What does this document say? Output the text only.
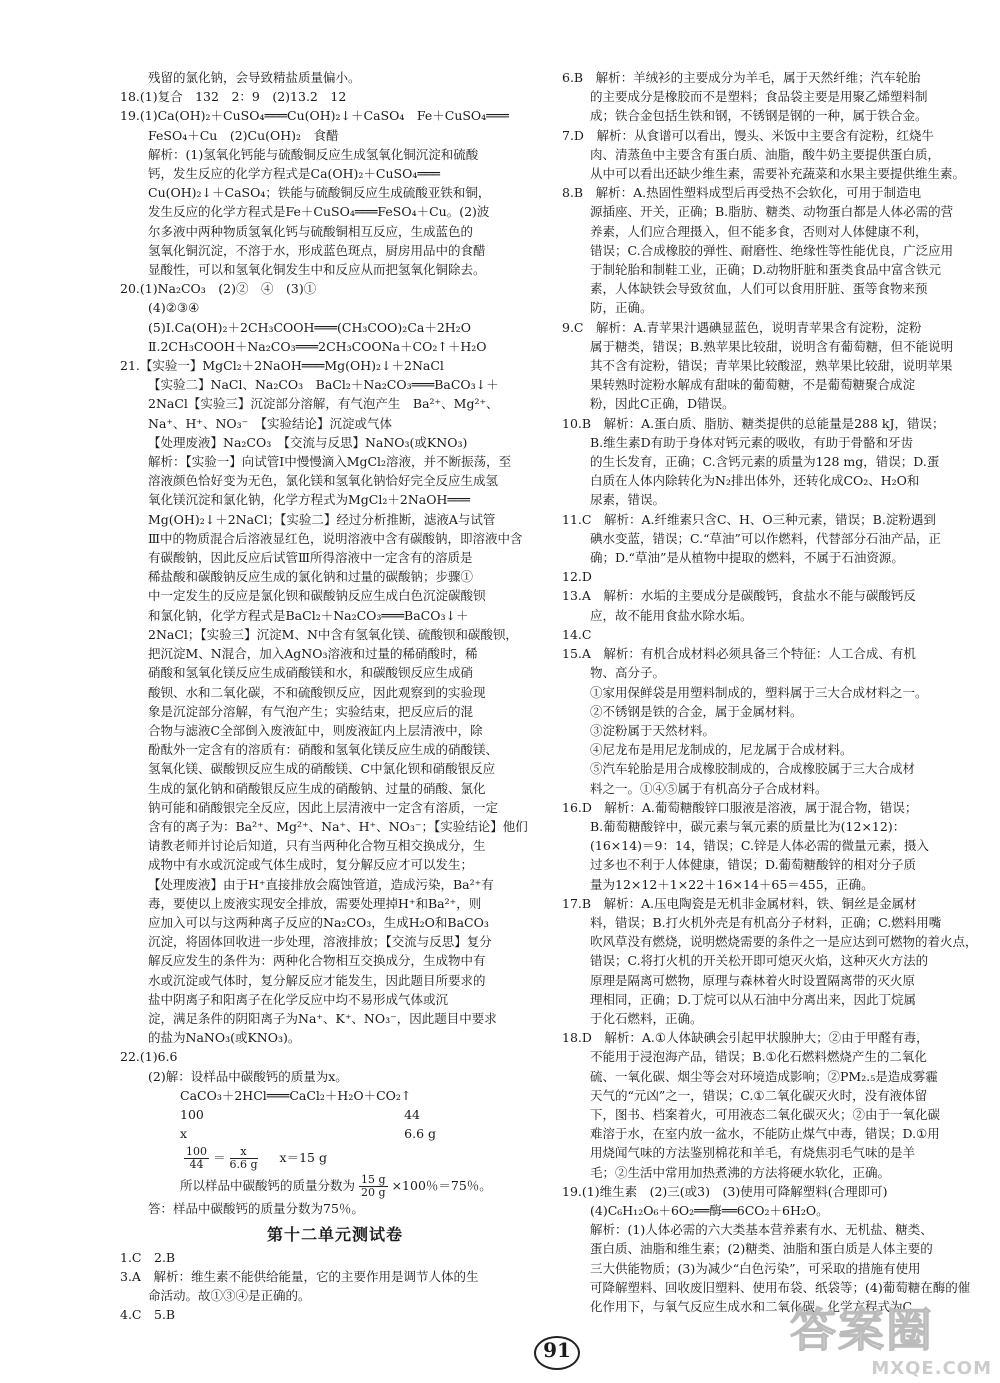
残留的氯化钠，会导致精盐质量偏小。
18.(1)复合　132　2：9　(2)13.2　12
19.(1)Ca(OH)₂＋CuSO₄═══Cu(OH)₂↓＋CaSO₄　Fe＋CuSO₄═══
FeSO₄＋Cu　(2)Cu(OH)₂　食醋
解析：(1)氢氧化钙能与硫酸铜反应生成氢氧化铜沉淀和硫酸
钙，发生反应的化学方程式是Ca(OH)₂＋CuSO₄═══
Cu(OH)₂↓＋CaSO₄；铁能与硫酸铜反应生成硫酸亚铁和铜，
发生反应的化学方程式是Fe＋CuSO₄═══FeSO₄＋Cu。(2)波
尔多液中两种物质氢氧化钙与硫酸铜相互反应，生成蓝色的
氢氧化铜沉淀，不溶于水，形成蓝色斑点，厨房用品中的食醋
显酸性，可以和氢氧化铜发生中和反应从而把氢氧化铜除去。
20.(1)Na₂CO₃　(2)②　④　(3)①
(4)②③④
(5)Ⅰ.Ca(OH)₂＋2CH₃COOH═══(CH₃COO)₂Ca＋2H₂O
Ⅱ.2CH₃COOH＋Na₂CO₃═══2CH₃COONa＋CO₂↑＋H₂O
21.【实验一】MgCl₂＋2NaOH═══Mg(OH)₂↓＋2NaCl
【实验二】NaCl、Na₂CO₃　BaCl₂＋Na₂CO₃═══BaCO₃↓＋
2NaCl【实验三】沉淀部分溶解，有气泡产生　Ba²⁺、Mg²⁺、
Na⁺、H⁺、NO₃⁻　【实验结论】沉淀或气体
【处理废液】Na₂CO₃　【交流与反思】NaNO₃(或KNO₃)
解析：【实验一】向试管Ⅰ中慢慢滴入MgCl₂溶液，并不断振荡，至
溶液颜色恰好变为无色，氯化镁和氢氧化钠恰好完全反应生成氢
氧化镁沉淀和氯化钠，化学方程式为MgCl₂＋2NaOH═══
Mg(OH)₂↓＋2NaCl；【实验二】经过分析推断，滤液A与试管
Ⅲ中的物质混合后溶液显红色，说明溶液中含有碳酸钠，即溶液中含
有碳酸钠，因此反应后试管Ⅲ所得溶液中一定含有的溶质是
稀盐酸和碳酸钠反应生成的氯化钠和过量的碳酸钠；步骤①
中一定发生的反应是氯化钡和碳酸钠反应生成白色沉淀碳酸钡
和氯化钠，化学方程式是BaCl₂＋Na₂CO₃═══BaCO₃↓＋
2NaCl；【实验三】沉淀M、N中含有氢氧化镁、硫酸钡和碳酸钡，
把沉淀M、N混合，加入AgNO₃溶液和过量的稀硝酸时，稀
硝酸和氢氧化镁反应生成硝酸镁和水，和碳酸钡反应生成硝
酸钡、水和二氧化碳，不和硫酸钡反应，因此观察到的实验现
象是沉淀部分溶解，有气泡产生；实验结束，把反应后的混
合物与滤液C全部倒入废液缸中，则废液缸内上层清液中，除
酚酞外一定含有的溶质有：硝酸和氢氧化镁反应生成的硝酸镁、
氢氧化镁、碳酸钡反应生成的硝酸镁、C中氯化钡和硝酸银反应
生成的氯化钠和硝酸银反应生成的硝酸钠、过量的硝酸、氯化
钠可能和硝酸银完全反应，因此上层清液中一定含有溶质，一定
含有的离子为：Ba²⁺、Mg²⁺、Na⁺、H⁺、NO₃⁻；【实验结论】他们
请教老师并讨论后知道，只有当两种化合物互相交换成分，生
成物中有水或沉淀或气体生成时，复分解反应才可以发生；
【处理废液】由于H⁺直接排放会腐蚀管道，造成污染，Ba²⁺有
毒，要使以上废液实现安全排放，需要处理掉H⁺和Ba²⁺，则
应加入可以与这两种离子反应的Na₂CO₃，生成H₂O和BaCO₃
沉淀，将固体回收进一步处理，溶液排放；【交流与反思】复分
解反应发生的条件为：两种化合物相互交换成分，生成物中有
水或沉淀或气体时，复分解反应才能发生，因此题目所要求的
盐中阴离子和阳离子在化学反应中均不易形成气体或沉
淀，满足条件的阴阳离子为Na⁺、K⁺、NO₃⁻，因此题目中要求
的盐为NaNO₃(或KNO₃)。
22.(1)6.6
(2)解：设样品中碳酸钙的质量为x。
CaCO₃＋2HCl═══CaCl₂＋H₂O＋CO₂↑
100	44
x	6.6 g
$\frac{100}{44} = \frac{x}{6.6 g} x=15$ g
所以样品中碳酸钙的质量分数为 $\frac{15 g}{20 g} \times 100$％＝75％。
答：样品中碳酸钙的质量分数为75％。
第十二单元测试卷
1.C　2.B
3.A　解析：维生素不能供给能量，它的主要作用是调节人体的生
命活动。故①③④是正确的。
4.C　5.B
6.B　解析：羊绒衫的主要成分为羊毛，属于天然纤维；汽车轮胎
的主要成分是橡胶而不是塑料；食品袋主要是用聚乙烯塑料制
成；铁合金包括生铁和钢，不锈钢是钢的一种，属于铁合金。
7.D　解析：从食谱可以看出，馒头、米饭中主要含有淀粉，红烧牛
肉、清蒸鱼中主要含有蛋白质、油脂，酸牛奶主要提供蛋白质，
从中可以看出还缺少维生素，需要补充蔬菜和水果主要提供维生素。
8.B　解析：A.热固性塑料成型后再受热不会软化，可用于制造电
源插座、开关，正确；B.脂肪、糖类、动物蛋白都是人体必需的营
养素，人们应合理摄入，但不能多食，否则对人体健康不利，
错误；C.合成橡胶的弹性、耐磨性、绝缘性等性能优良，广泛应用
于制轮胎和制鞋工业，正确；D.动物肝脏和蛋类食品中富含铁元
素，人体缺铁会导致贫血，人们可以食用肝脏、蛋等食物来预
防，正确。
9.C　解析：A.青苹果汁遇碘显蓝色，说明青苹果含有淀粉，淀粉
属于糖类，错误；B.熟苹果比较甜，说明含有葡萄糖，但不能说明
其不含有淀粉，错误；青苹果比较酸涩，熟苹果比较甜，说明苹果
果转熟时淀粉水解成有甜味的葡萄糖，不是葡萄糖聚合成淀
粉，因此C正确，D错误。
10.B　解析：A.蛋白质、脂肪、糖类提供的总能量是288 kJ，错误；
B.维生素D有助于身体对钙元素的吸收，有助于骨骼和牙齿
的生长发育，正确；C.含钙元素的质量为128 mg，错误；D.蛋
白质在人体内除转化为N₂排出体外，还转化成CO₂、H₂O和
尿素，错误。
11.C　解析：A.纤维素只含C、H、O三种元素，错误；B.淀粉遇到
碘水变蓝，错误；C.“草油”可以作燃料，代替部分石油产品，正
确；D.“草油”是从植物中提取的燃料，不属于石油资源。
12.D
13.A　解析：水垢的主要成分是碳酸钙，食盐水不能与碳酸钙反
应，故不能用食盐水除水垢。
14.C
15.A　解析：有机合成材料必须具备三个特征：人工合成、有机
物、高分子。
①家用保鲜袋是用塑料制成的，塑料属于三大合成材料之一。
②不锈钢是铁的合金，属于金属材料。
③淀粉属于天然材料。
④尼龙布是用尼龙制成的，尼龙属于合成材料。
⑤汽车轮胎是用合成橡胶制成的，合成橡胶属于三大合成材
料之一。①④⑤属于有机高分子合成材料。
16.D　解析：A.葡萄糖酸锌口服液是溶液，属于混合物，错误；
B.葡萄糖酸锌中，碳元素与氧元素的质量比为(12×12)：
(16×14)＝9：14，错误；C.锌是人体必需的微量元素，摄入
过多也不利于人体健康，错误；D.葡萄糖酸锌的相对分子质
量为12×12＋1×22＋16×14＋65＝455，正确。
17.B　解析：A.压电陶瓷是无机非金属材料，铁、铜丝是金属材
料，错误；B.打火机外壳是有机高分子材料，正确；C.燃料用嘴
吹风草没有燃烧，说明燃烧需要的条件之一是应达到可燃物的着火点，
错误；C.将打火机的开关松开即可熄灭火焰，这种灭火方法的
原理是隔离可燃物，原理与森林着火时设置隔离带的灭火原
理相同，正确；D.丁烷可以从石油中分离出来，因此丁烷属
于化石燃料，正确。
18.D　解析：A.①人体缺碘会引起甲状腺肿大；②由于甲醛有毒，
不能用于浸泡海产品，错误；B.①化石燃料燃烧产生的二氧化
硫、一氧化碳、烟尘等会对环境造成影响；②PM₂.₅是造成雾霾
天气的“元凶”之一，错误；C.①二氧化碳灭火时，没有液体留
下，图书、档案着火，可用液态二氧化碳灭火；②由于一氧化碳
难溶于水，在室内放一盆水，不能防止煤气中毒，错误；D.①用
用烧闻气味的方法鉴别棉花和羊毛，有烧焦羽毛气味的是羊
毛；②生活中常用加热煮沸的方法将硬水软化，正确。
19.(1)维生素　(2)三(或3)　(3)使用可降解塑料(合理即可)
(4)C₆H₁₂O₆＋6O₂══酶══6CO₂＋6H₂O。
解析：(1)人体必需的六大类基本营养素有水、无机盐、糖类、
蛋白质、油脂和维生素；(2)糖类、油脂和蛋白质是人体主要的
三大供能物质；(3)为减少“白色污染”，可采取的措施有使用
可降解塑料、回收废旧塑料、使用布袋、纸袋等；(4)葡萄糖在酶的催
化作用下，与氧气反应生成水和二氧化碳，化学方程式为C
91	答案圈
MXQE.COM
